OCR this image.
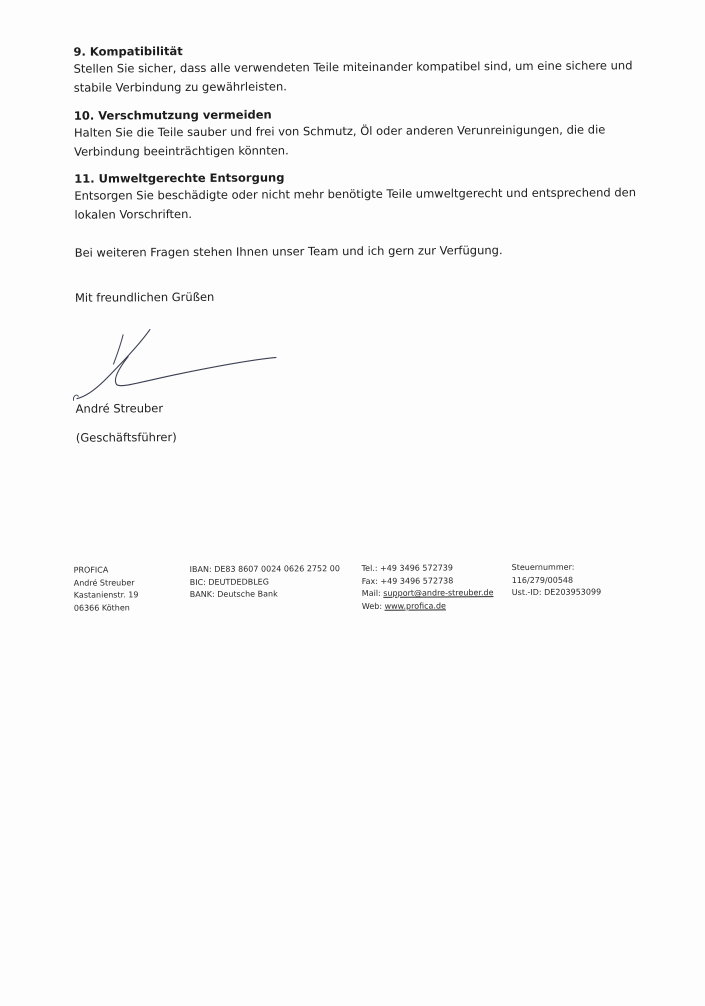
9. Kompatibilität

Stellen Sie sicher, dass alle verwendeten Teile miteinander kompatibel sind, um eine sichere und stabile Verbindung zu gewährleisten.

10. Verschmutzung vermeiden

Halten Sie die Teile sauber und frei von Schmutz, Öl oder anderen Verunreinigungen, die die Verbindung beeinträchtigen könnten.

11. Umweltgerechte Entsorgung

Entsorgen Sie beschädigte oder nicht mehr benötigte Teile umweltgerecht und entsprechend den lokalen Vorschriften.

Bei weiteren Fragen stehen Ihnen unser Team und ich gern zur Verfügung.

Mit freundlichen Grüßen

André Streuber

(Geschäftsführer)

PROFICA
André Streuber
Kastanienstr. 19
06366 Köthen
IBAN: DE83 8607 0024 0626 2752 00
BIC: DEUTDEDBLEG
BANK: Deutsche Bank
Tel.: +49 3496 572739
Fax: +49 3496 572738
Mail: support@andre-streuber.de
Web: www.profica.de
Steuernummer:
116/279/00548
Ust.-ID: DE203953099
